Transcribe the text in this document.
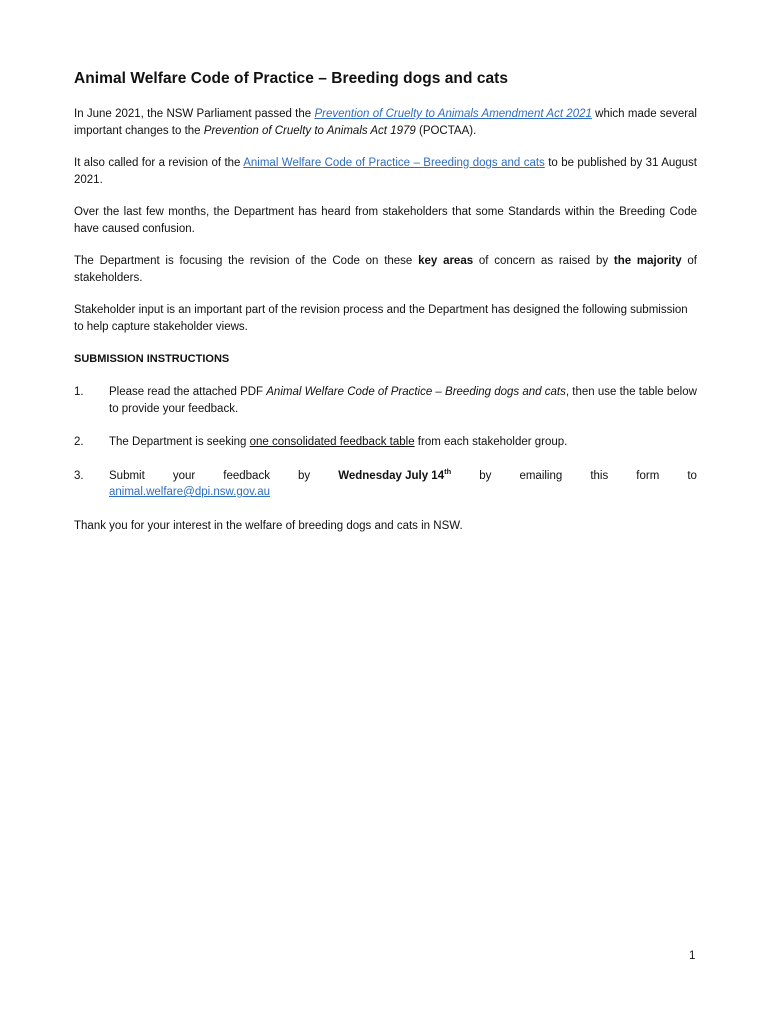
Animal Welfare Code of Practice – Breeding dogs and cats

In June 2021, the NSW Parliament passed the Prevention of Cruelty to Animals Amendment Act 2021 which made several important changes to the Prevention of Cruelty to Animals Act 1979 (POCTAA).

It also called for a revision of the Animal Welfare Code of Practice – Breeding dogs and cats to be published by 31 August 2021.

Over the last few months, the Department has heard from stakeholders that some Standards within the Breeding Code have caused confusion.

The Department is focusing the revision of the Code on these key areas of concern as raised by the majority of stakeholders.

Stakeholder input is an important part of the revision process and the Department has designed the following submission to help capture stakeholder views.

SUBMISSION INSTRUCTIONS
1. Please read the attached PDF Animal Welfare Code of Practice – Breeding dogs and cats, then use the table below to provide your feedback.
2. The Department is seeking one consolidated feedback table from each stakeholder group.
3. Submit your feedback by Wednesday July 14th by emailing this form to
animal.welfare@dpi.nsw.gov.au

Thank you for your interest in the welfare of breeding dogs and cats in NSW.

1
